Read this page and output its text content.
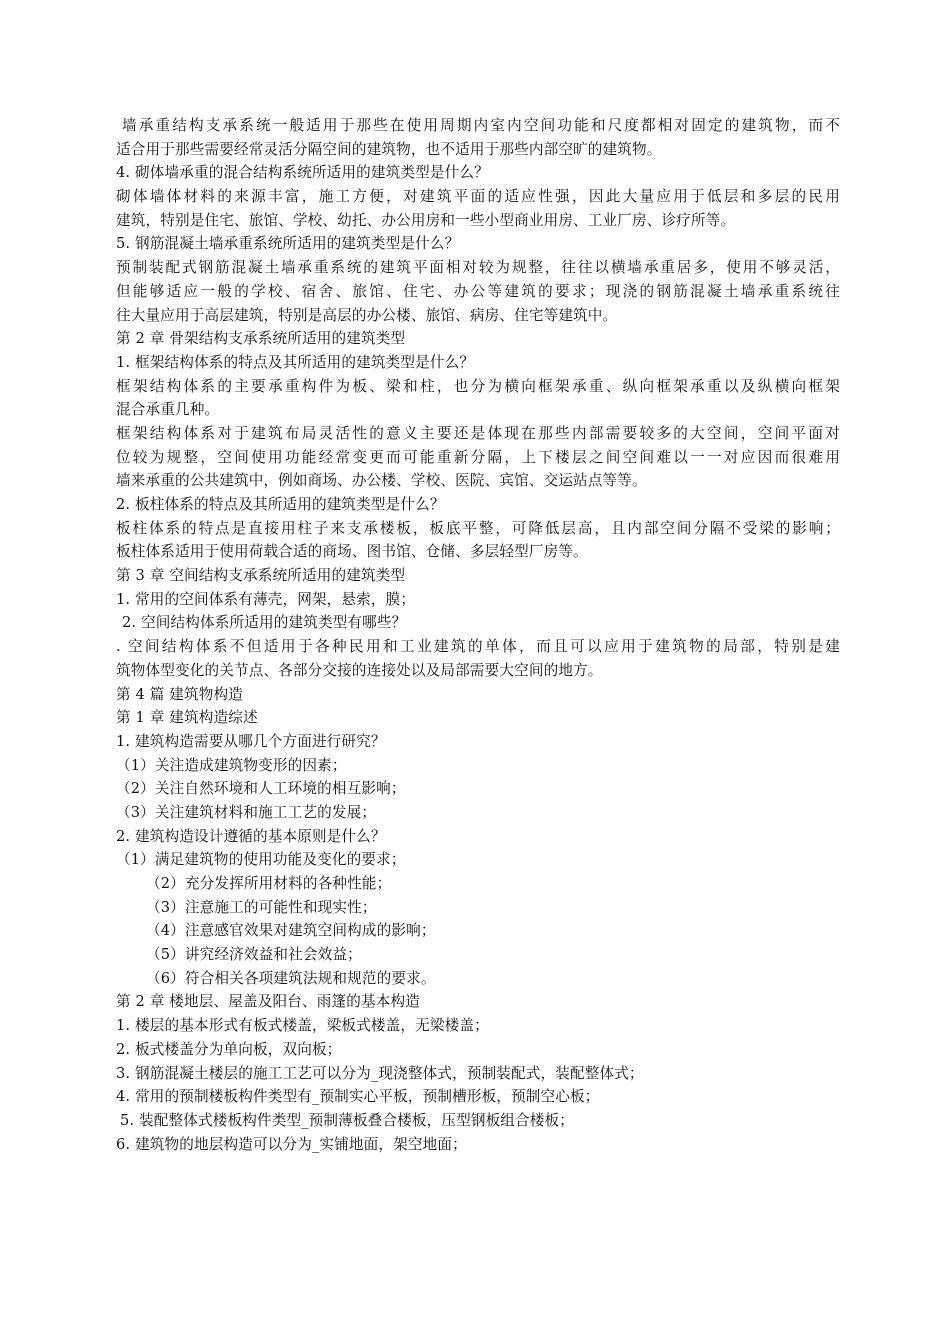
墙承重结构支承系统一般适用于那些在使用周期内室内空间功能和尺度都相对固定的建筑物，而不
适合用于那些需要经常灵活分隔空间的建筑物，也不适用于那些内部空旷的建筑物。
4. 砌体墙承重的混合结构系统所适用的建筑类型是什么？
砌体墙体材料的来源丰富，施工方便，对建筑平面的适应性强，因此大量应用于低层和多层的民用
建筑，特别是住宅、旅馆、学校、幼托、办公用房和一些小型商业用房、工业厂房、诊疗所等。
5. 钢筋混凝土墙承重系统所适用的建筑类型是什么？
预制装配式钢筋混凝土墙承重系统的建筑平面相对较为规整，往往以横墙承重居多，使用不够灵活，
但能够适应一般的学校、宿舍、旅馆、住宅、办公等建筑的要求；现浇的钢筋混凝土墙承重系统往
往大量应用于高层建筑，特别是高层的办公楼、旅馆、病房、住宅等建筑中。
第 2 章 骨架结构支承系统所适用的建筑类型
1. 框架结构体系的特点及其所适用的建筑类型是什么？
框架结构体系的主要承重构件为板、梁和柱，也分为横向框架承重、纵向框架承重以及纵横向框架
混合承重几种。
框架结构体系对于建筑布局灵活性的意义主要还是体现在那些内部需要较多的大空间，空间平面对
位较为规整，空间使用功能经常变更而可能重新分隔，上下楼层之间空间难以一一对应因而很难用
墙来承重的公共建筑中，例如商场、办公楼、学校、医院、宾馆、交运站点等等。
2. 板柱体系的特点及其所适用的建筑类型是什么？
板柱体系的特点是直接用柱子来支承楼板，板底平整，可降低层高，且内部空间分隔不受梁的影响；
板柱体系适用于使用荷载合适的商场、图书馆、仓储、多层轻型厂房等。
第 3 章 空间结构支承系统所适用的建筑类型
1. 常用的空间体系有薄壳，网架，悬索，膜；
2. 空间结构体系所适用的建筑类型有哪些？
. 空间结构体系不但适用于各种民用和工业建筑的单体，而且可以应用于建筑物的局部，特别是建
筑物体型变化的关节点、各部分交接的连接处以及局部需要大空间的地方。
第 4 篇 建筑物构造
第 1 章 建筑构造综述
1. 建筑构造需要从哪几个方面进行研究？
（1）关注造成建筑物变形的因素；
（2）关注自然环境和人工环境的相互影响；
（3）关注建筑材料和施工工艺的发展；
2. 建筑构造设计遵循的基本原则是什么？
（1）满足建筑物的使用功能及变化的要求；
（2）充分发挥所用材料的各种性能；
（3）注意施工的可能性和现实性；
（4）注意感官效果对建筑空间构成的影响；
（5）讲究经济效益和社会效益；
（6）符合相关各项建筑法规和规范的要求。
第 2 章 楼地层、屋盖及阳台、雨篷的基本构造
1. 楼层的基本形式有板式楼盖，梁板式楼盖，无梁楼盖；
2. 板式楼盖分为单向板，双向板；
3. 钢筋混凝土楼层的施工工艺可以分为_现浇整体式，预制装配式，装配整体式；
4. 常用的预制楼板构件类型有_预制实心平板，预制槽形板，预制空心板；
5. 装配整体式楼板构件类型_预制薄板叠合楼板，压型钢板组合楼板；
6. 建筑物的地层构造可以分为_实铺地面，架空地面；
